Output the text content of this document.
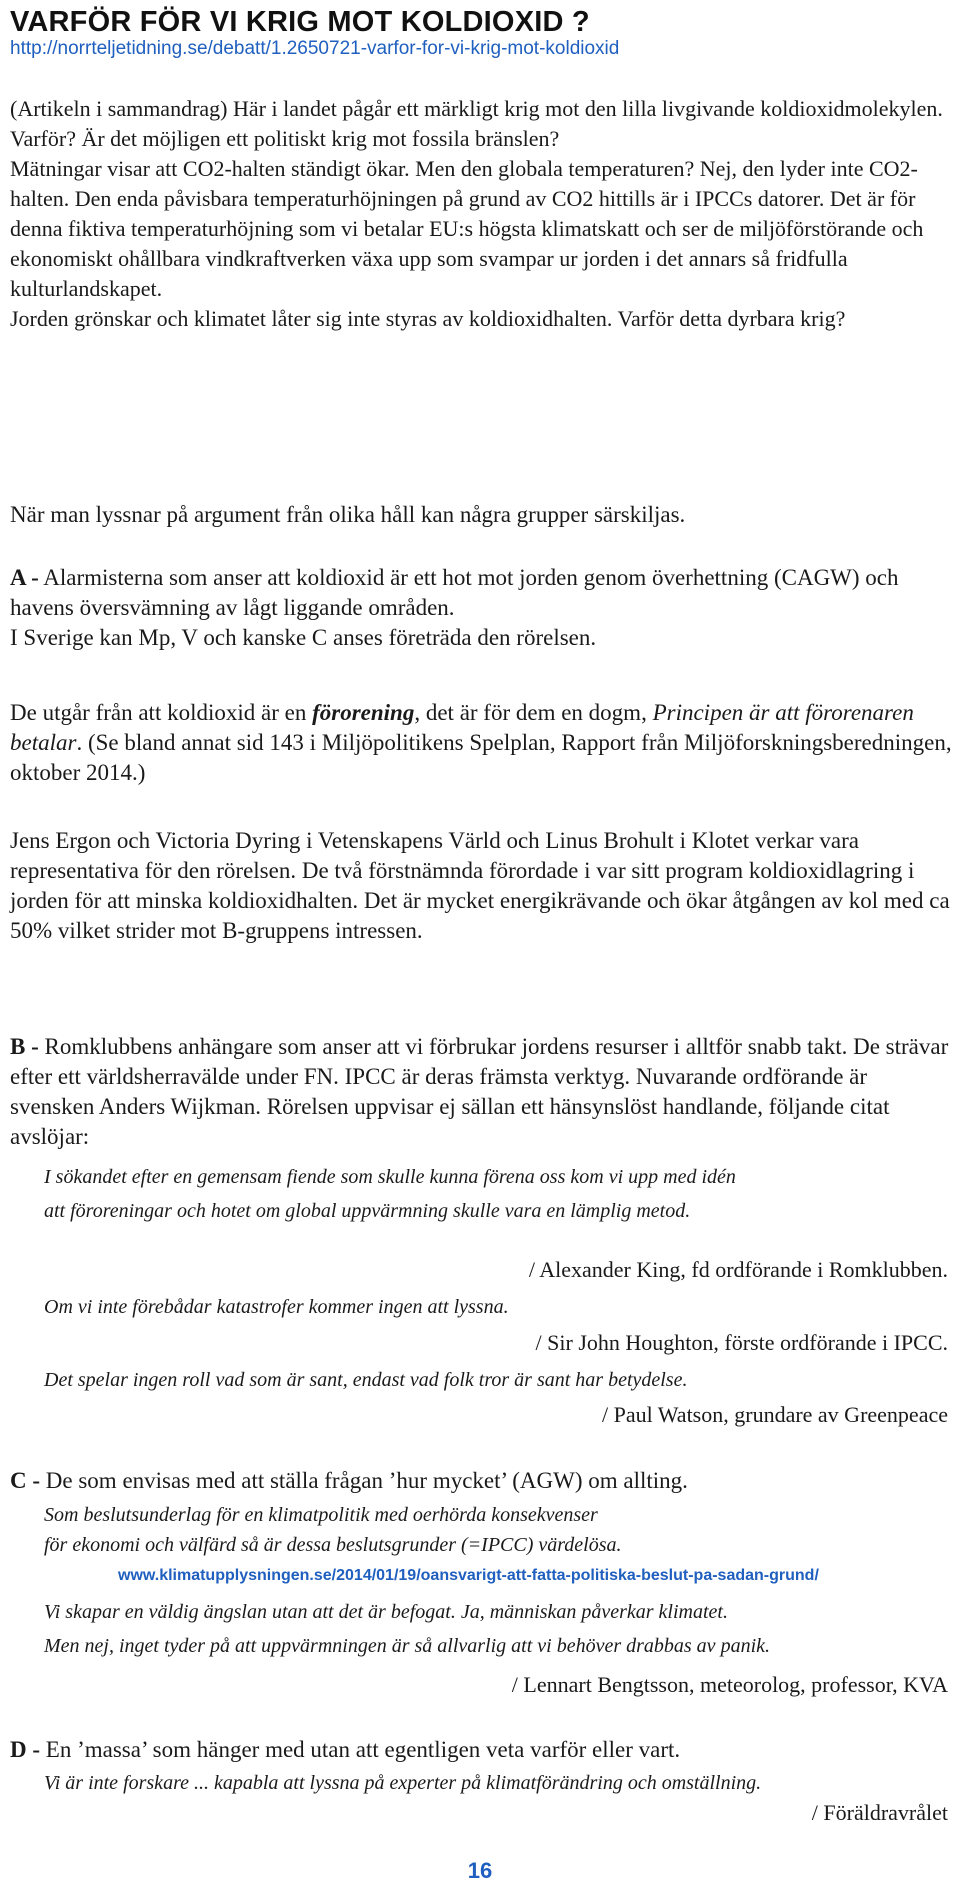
VARFÖR FÖR VI KRIG MOT KOLDIOXID ?
http://norrteljetidning.se/debatt/1.2650721-varfor-for-vi-krig-mot-koldioxid

(Artikeln i sammandrag) Här i landet pågår ett märkligt krig mot den lilla livgivande koldioxidmolekylen. Varför? Är det möjligen ett politiskt krig mot fossila bränslen?

Mätningar visar att CO2-halten ständigt ökar. Men den globala temperaturen? Nej, den lyder inte CO2-halten. Den enda påvisbara temperaturhöjningen på grund av CO2 hittills är i IPCCs datorer. Det är för denna fiktiva temperaturhöjning som vi betalar EU:s högsta klimatskatt och ser de miljöförstörande och ekonomiskt ohållbara vindkraftverken växa upp som svampar ur jorden i det annars så fridfulla kulturlandskapet.

Jorden grönskar och klimatet låter sig inte styras av koldioxidhalten. Varför detta dyrbara krig?

När man lyssnar på argument från olika håll kan några grupper särskiljas.

A - Alarmisterna som anser att koldioxid är ett hot mot jorden genom överhettning (CAGW) och havens översvämning av lågt liggande områden.

I Sverige kan Mp, V och kanske C anses företräda den rörelsen.

De utgår från att koldioxid är en förorening, det är för dem en dogm, Principen är att förorenaren betalar. (Se bland annat sid 143 i Miljöpolitikens Spelplan, Rapport från Miljöforskningsberedningen, oktober 2014.)

Jens Ergon och Victoria Dyring i Vetenskapens Värld och Linus Brohult i Klotet verkar vara representativa för den rörelsen. De två förstnämnda förordade i var sitt program koldioxidlagring i jorden för att minska koldioxidhalten. Det är mycket energikrävande och ökar åtgången av kol med ca 50% vilket strider mot B-gruppens intressen.

B - Romklubbens anhängare som anser att vi förbrukar jordens resurser i alltför snabb takt. De strävar efter ett världsherravälde under FN. IPCC är deras främsta verktyg. Nuvarande ordförande är svensken Anders Wijkman. Rörelsen uppvisar ej sällan ett hänsynslöst handlande, följande citat avslöjar:

I sökandet efter en gemensam fiende som skulle kunna förena oss kom vi upp med idén
att föroreningar och hotet om global uppvärmning skulle vara en lämplig metod.
/ Alexander King, fd ordförande i Romklubben.
Om vi inte förebådar katastrofer kommer ingen att lyssna.
/ Sir John Houghton, förste ordförande i IPCC.
Det spelar ingen roll vad som är sant, endast vad folk tror är sant har betydelse.
/ Paul Watson, grundare av Greenpeace

C - De som envisas med att ställa frågan ’hur mycket’ (AGW) om allting.

Som beslutsunderlag för en klimatpolitik med oerhörda konsekvenser
för ekonomi och välfärd så är dessa beslutsgrunder (=IPCC) värdelösa.
www.klimatupplysningen.se/2014/01/19/oansvarigt-att-fatta-politiska-beslut-pa-sadan-grund/
Vi skapar en väldig ängslan utan att det är befogat. Ja, människan påverkar klimatet.
Men nej, inget tyder på att uppvärmningen är så allvarlig att vi behöver drabbas av panik.
/ Lennart Bengtsson, meteorolog, professor, KVA

D - En ’massa’ som hänger med utan att egentligen veta varför eller vart.

Vi är inte forskare ... kapabla att lyssna på experter på klimatförändring och omställning.
/ Föräldravrålet
16
